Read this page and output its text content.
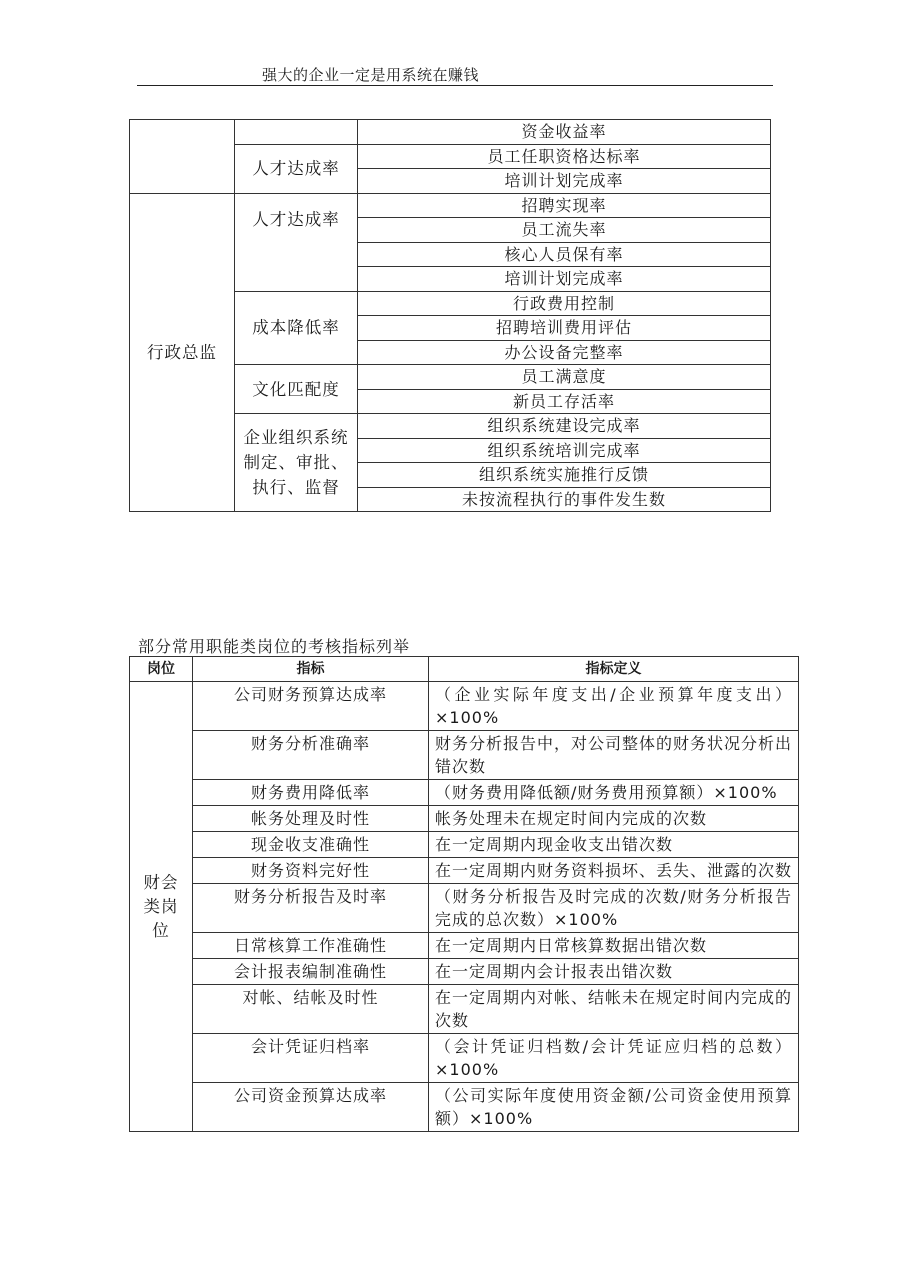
强大的企业一定是用系统在赚钱
		资金收益率
	人才达成率	员工任职资格达标率
		培训计划完成率
行政总监	人才达成率	招聘实现率
		员工流失率
		核心人员保有率
		培训计划完成率
	成本降低率	行政费用控制
		招聘培训费用评估
		办公设备完整率
	文化匹配度	员工满意度
		新员工存活率
	企业组织系统制定、审批、执行、监督	组织系统建设完成率
		组织系统培训完成率
		组织系统实施推行反馈
		未按流程执行的事件发生数
部分常用职能类岗位的考核指标列举
岗位	指标	指标定义

财会类岗位	公司财务预算达成率	（企业实际年度支出/企业预算年度支出）×100%
	财务分析准确率	财务分析报告中，对公司整体的财务状况分析出错次数
	财务费用降低率	（财务费用降低额/财务费用预算额）×100%
	帐务处理及时性	帐务处理未在规定时间内完成的次数
	现金收支准确性	在一定周期内现金收支出错次数
	财务资料完好性	在一定周期内财务资料损坏、丢失、泄露的次数
	财务分析报告及时率	（财务分析报告及时完成的次数/财务分析报告完成的总次数）×100%
	日常核算工作准确性	在一定周期内日常核算数据出错次数
	会计报表编制准确性	在一定周期内会计报表出错次数
	对帐、结帐及时性	在一定周期内对帐、结帐未在规定时间内完成的次数
	会计凭证归档率	（会计凭证归档数/会计凭证应归档的总数）×100%
	公司资金预算达成率	（公司实际年度使用资金额/公司资金使用预算额）×100%
